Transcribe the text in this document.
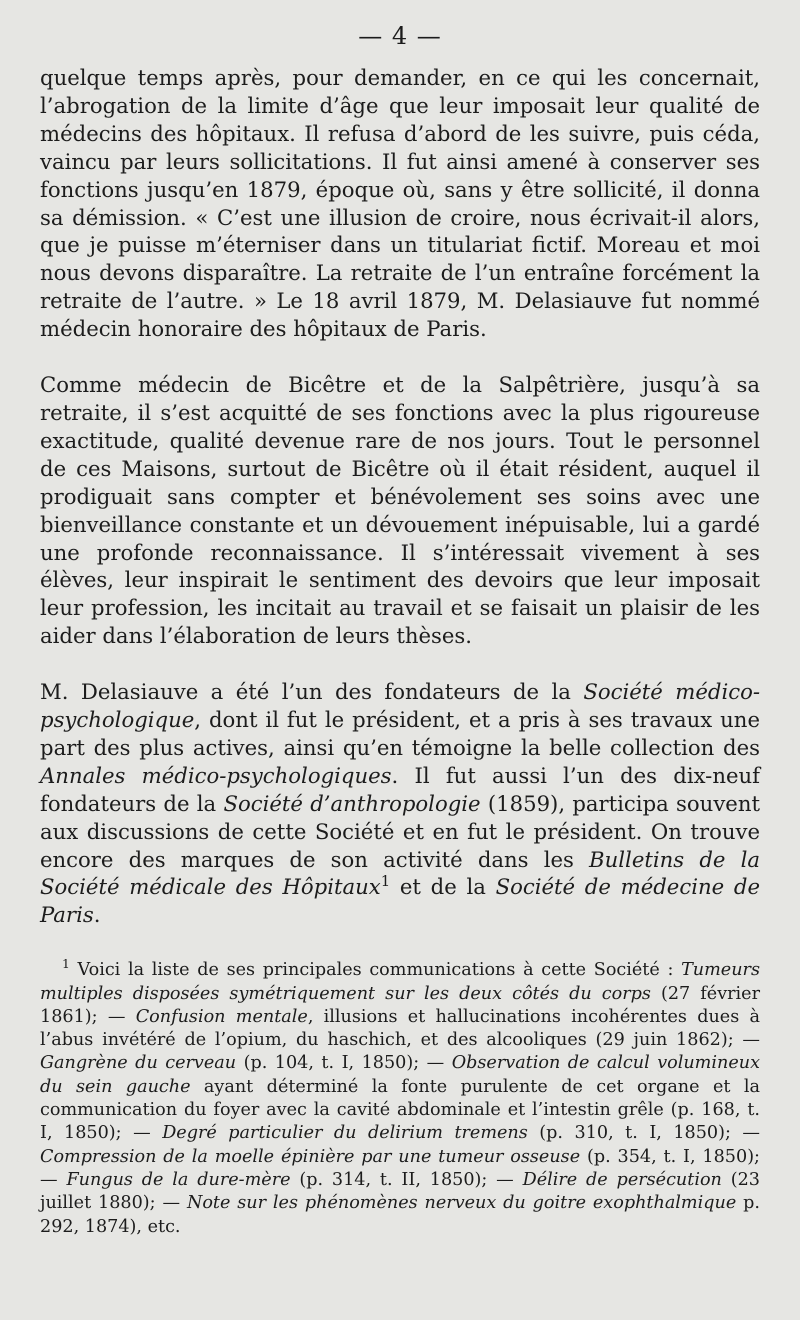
— 4 —

quelque temps après, pour demander, en ce qui les concernait, l’abrogation de la limite d’âge que leur imposait leur qualité de médecins des hôpitaux. Il refusa d’abord de les suivre, puis céda, vaincu par leurs sollicitations. Il fut ainsi amené à conserver ses fonctions jusqu’en 1879, époque où, sans y être sollicité, il donna sa démission. « C’est une illusion de croire, nous écrivait-il alors, que je puisse m’éterniser dans un titulariat fictif. Moreau et moi nous devons disparaître. La retraite de l’un entraîne forcément la retraite de l’autre. » Le 18 avril 1879, M. Delasiauve fut nommé médecin honoraire des hôpitaux de Paris.

Comme médecin de Bicêtre et de la Salpêtrière, jusqu’à sa retraite, il s’est acquitté de ses fonctions avec la plus rigoureuse exactitude, qualité devenue rare de nos jours. Tout le personnel de ces Maisons, surtout de Bicêtre où il était résident, auquel il prodiguait sans compter et bénévolement ses soins avec une bienveillance constante et un dévouement inépuisable, lui a gardé une profonde reconnaissance. Il s’intéressait vivement à ses élèves, leur inspirait le sentiment des devoirs que leur imposait leur profession, les incitait au travail et se faisait un plaisir de les aider dans l’élaboration de leurs thèses.

M. Delasiauve a été l’un des fondateurs de la Société médico-psychologique, dont il fut le président, et a pris à ses travaux une part des plus actives, ainsi qu’en témoigne la belle collection des Annales médico-psychologiques. Il fut aussi l’un des dix-neuf fondateurs de la Société d’anthropologie (1859), participa souvent aux discussions de cette Société et en fut le président. On trouve encore des marques de son activité dans les Bulletins de la Société médicale des Hôpitaux$^1$ et de la Société de médecine de Paris.

$^1$ Voici la liste de ses principales communications à cette Société : Tumeurs multiples disposées symétriquement sur les deux côtés du corps (27 février 1861); — Confusion mentale, illusions et hallucinations incohérentes dues à l’abus invétéré de l’opium, du haschich, et des alcooliques (29 juin 1862); — Gangrène du cerveau (p. 104, t. I, 1850); — Observation de calcul volumineux du sein gauche ayant déterminé la fonte purulente de cet organe et la communication du foyer avec la cavité abdominale et l’intestin grêle (p. 168, t. I, 1850); — Degré particulier du delirium tremens (p. 310, t. I, 1850); — Compression de la moelle épinière par une tumeur osseuse (p. 354, t. I, 1850); — Fungus de la dure-mère (p. 314, t. II, 1850); — Délire de persécution (23 juillet 1880); — Note sur les phénomènes nerveux du goitre exophthalmique p. 292, 1874), etc.
